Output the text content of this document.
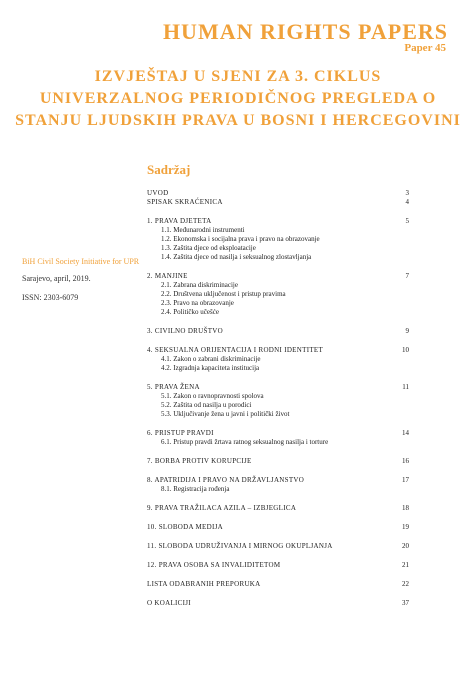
HUMAN RIGHTS PAPERS
Paper 45
IZVJEŠTAJ U SJENI ZA 3. CIKLUS
UNIVERZALNOG PERIODIČNOG PREGLEDA O
STANJU LJUDSKIH PRAVA U BOSNI I HERCEGOVINI
Sadržaj
BiH Civil Society Initiative for UPR
Sarajevo, april, 2019.
ISSN: 2303-6079
UVOD	3
SPISAK SKRAĆENICA	4
1. PRAVA DJETETA	5
1.1. Međunarodni instrumenti
1.2. Ekonomska i socijalna prava i pravo na obrazovanje
1.3. Zaštita djece od eksploatacije
1.4. Zaštita djece od nasilja i seksualnog zlostavljanja
2. MANJINE	7
2.1. Zabrana diskriminacije
2.2. Društvena uključenost i pristup pravima
2.3. Pravo na obrazovanje
2.4. Političko učešće
3. CIVILNO DRUŠTVO	9
4. SEKSUALNA ORIJENTACIJA I RODNI IDENTITET	10
4.1. Zakon o zabrani diskriminacije
4.2. Izgradnja kapaciteta institucija
5. PRAVA ŽENA	11
5.1. Zakon o ravnopravnosti spolova
5.2. Zaštita od nasilja u porodici
5.3. Uključivanje žena u javni i politički život
6. PRISTUP PRAVDI	14
6.1. Pristup pravdi žrtava ratnog seksualnog nasilja i torture
7. BORBA PROTIV KORUPCIJE	16
8. APATRIDIJA I PRAVO NA DRŽAVLJANSTVO	17
8.1. Registracija rođenja
9. PRAVA TRAŽILACA AZILA – IZBJEGLICA	18
10. SLOBODA MEDIJA	19
11. SLOBODA UDRUŽIVANJA I MIRNOG OKUPLJANJA	20
12. PRAVA OSOBA SA INVALIDITETOM	21
LISTA ODABRANIH PREPORUKA	22
O KOALICIJI	37
